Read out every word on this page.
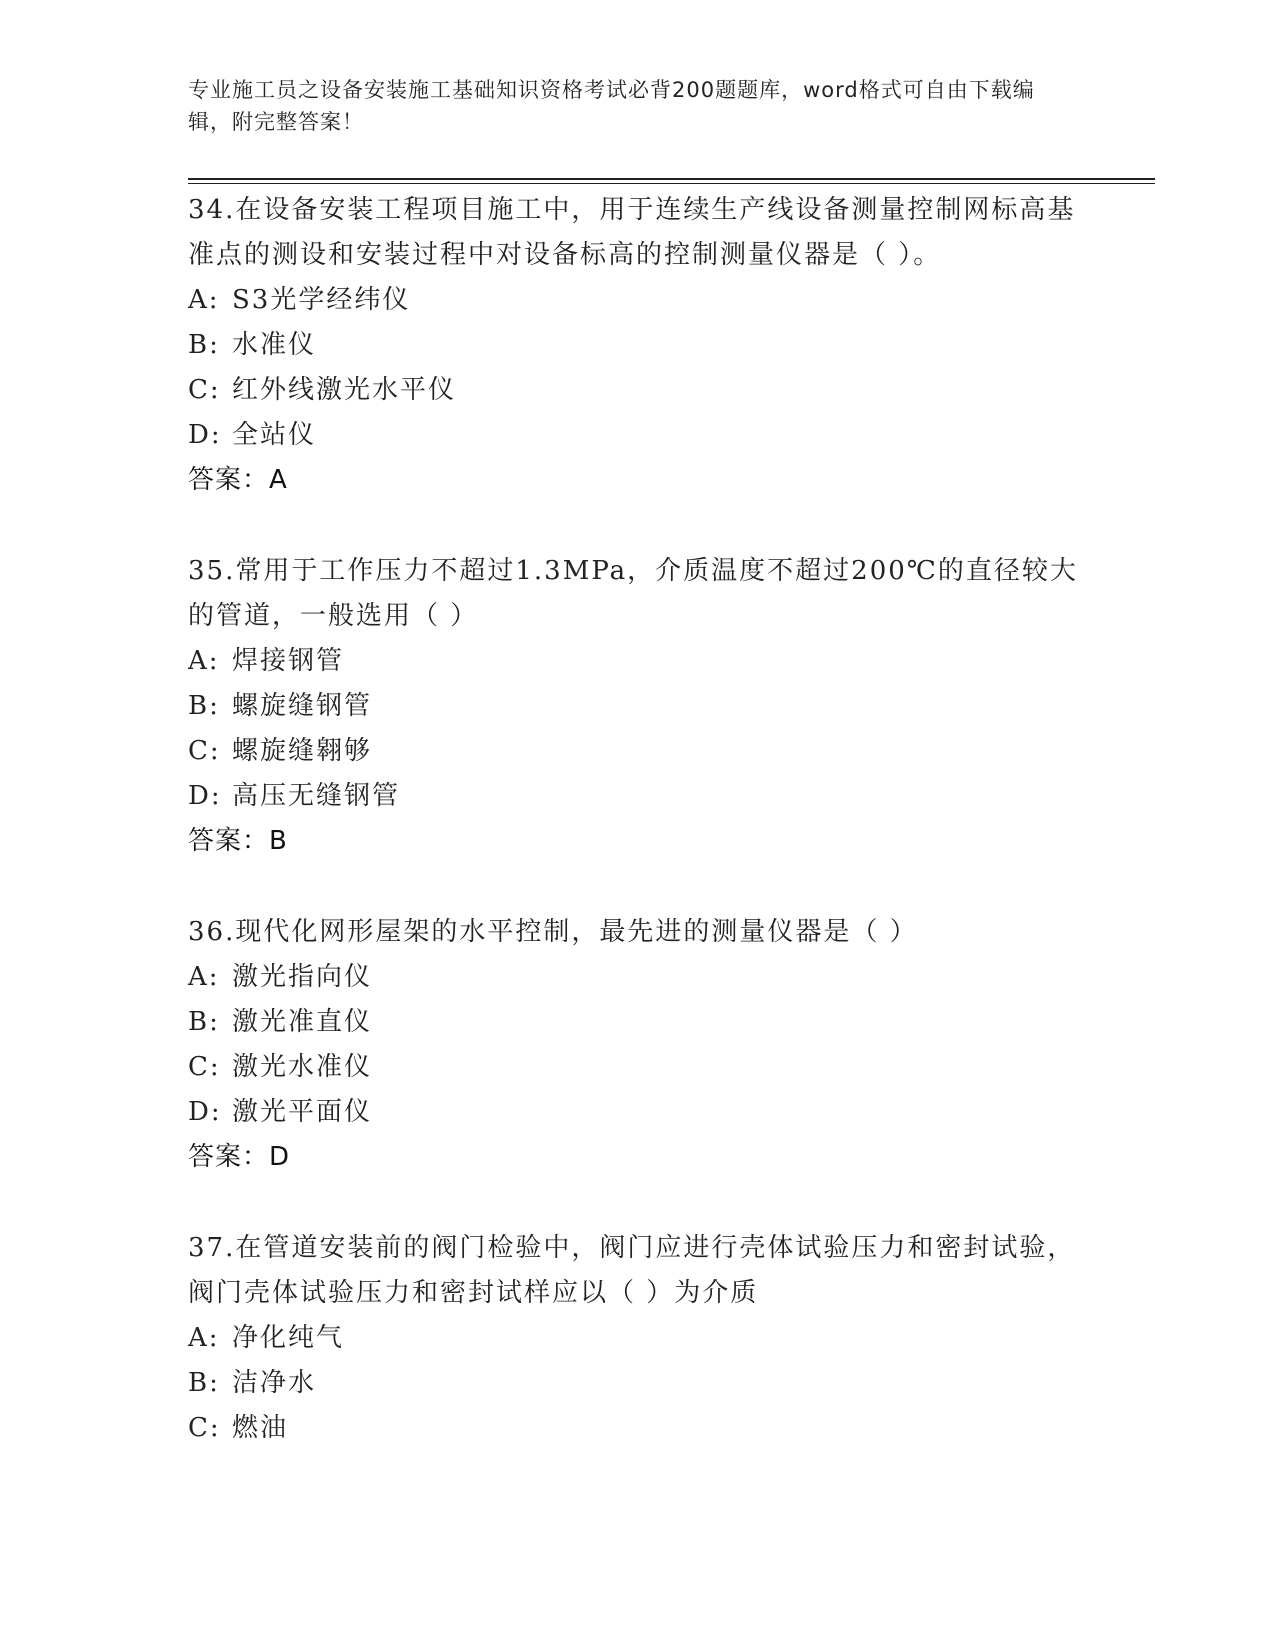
专业施工员之设备安装施工基础知识资格考试必背200题题库，word格式可自由下载编辑，附完整答案！

34.在设备安装工程项目施工中，用于连续生产线设备测量控制网标高基准点的测设和安装过程中对设备标高的控制测量仪器是（ ）。

A: S3光学经纬仪

B: 水准仪

C: 红外线激光水平仪

D: 全站仪

答案：A

35.常用于工作压力不超过1.3MPa，介质温度不超过200℃的直径较大的管道，一般选用（ ）

A: 焊接钢管

B: 螺旋缝钢管

C: 螺旋缝翱够

D: 高压无缝钢管

答案：B

36.现代化网形屋架的水平控制，最先进的测量仪器是（ ）

A: 激光指向仪

B: 激光准直仪

C: 激光水准仪

D: 激光平面仪

答案：D

37.在管道安装前的阀门检验中，阀门应进行壳体试验压力和密封试验，阀门壳体试验压力和密封试样应以（ ）为介质

A: 净化纯气

B: 洁净水

C: 燃油
